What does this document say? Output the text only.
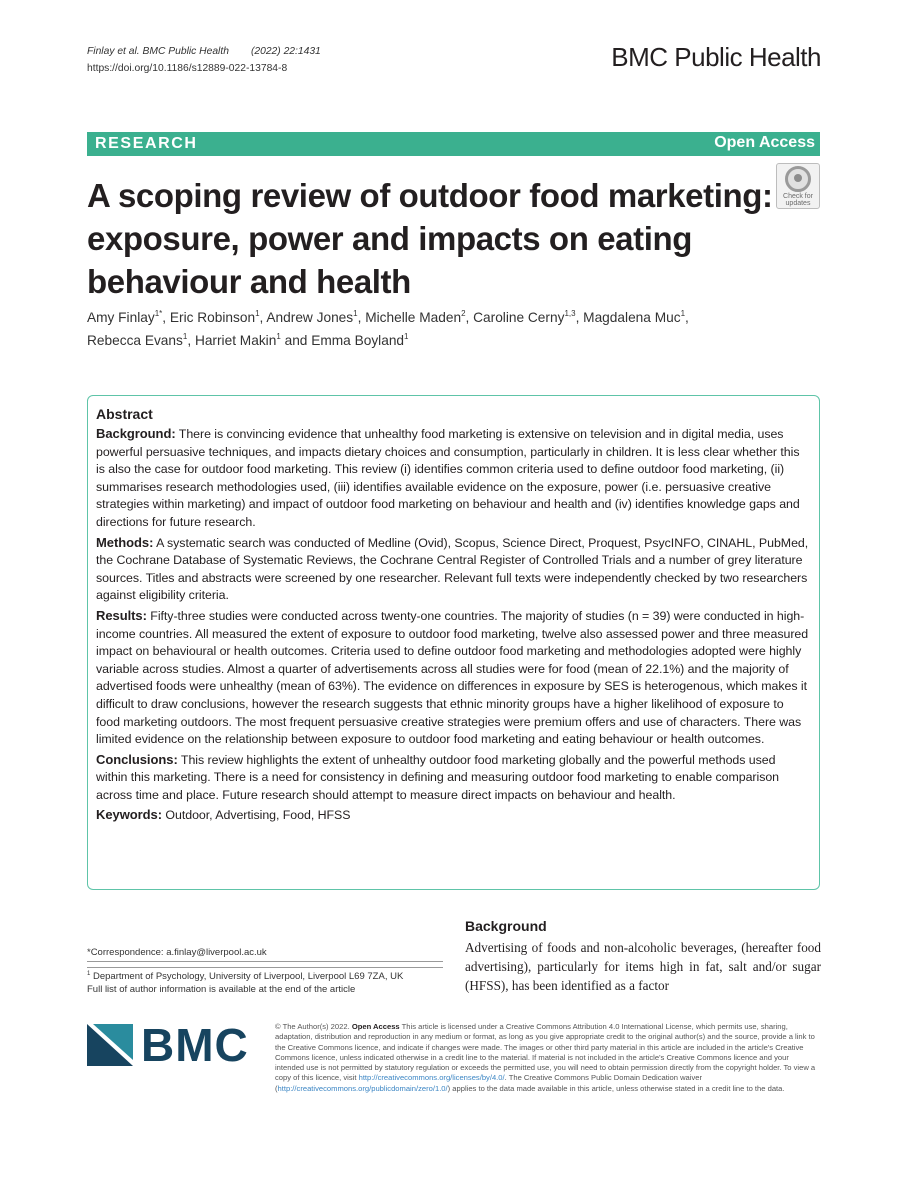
Finlay et al. BMC Public Health (2022) 22:1431
https://doi.org/10.1186/s12889-022-13784-8	BMC Public Health
RESEARCH	Open Access
A scoping review of outdoor food marketing: exposure, power and impacts on eating behaviour and health
Check for
updates
Amy Finlay$^{1*}$, Eric Robinson$^1$, Andrew Jones$^1$, Michelle Maden$^2$, Caroline Cerny$^{1,3}$, Magdalena Muc$^1$,
Rebecca Evans$^1$, Harriet Makin$^1$ and Emma Boyland$^1$
Abstract

Background: There is convincing evidence that unhealthy food marketing is extensive on television and in digital media, uses powerful persuasive techniques, and impacts dietary choices and consumption, particularly in children. It is less clear whether this is also the case for outdoor food marketing. This review (i) identifies common criteria used to define outdoor food marketing, (ii) summarises research methodologies used, (iii) identifies available evidence on the exposure, power (i.e. persuasive creative strategies within marketing) and impact of outdoor food marketing on behaviour and health and (iv) identifies knowledge gaps and directions for future research.

Methods: A systematic search was conducted of Medline (Ovid), Scopus, Science Direct, Proquest, PsycINFO, CINAHL, PubMed, the Cochrane Database of Systematic Reviews, the Cochrane Central Register of Controlled Trials and a number of grey literature sources. Titles and abstracts were screened by one researcher. Relevant full texts were independently checked by two researchers against eligibility criteria.

Results: Fifty-three studies were conducted across twenty-one countries. The majority of studies (n = 39) were conducted in high-income countries. All measured the extent of exposure to outdoor food marketing, twelve also assessed power and three measured impact on behavioural or health outcomes. Criteria used to define outdoor food marketing and methodologies adopted were highly variable across studies. Almost a quarter of advertisements across all studies were for food (mean of 22.1%) and the majority of advertised foods were unhealthy (mean of 63%). The evidence on differences in exposure by SES is heterogenous, which makes it difficult to draw conclusions, however the research suggests that ethnic minority groups have a higher likelihood of exposure to food marketing outdoors. The most frequent persuasive creative strategies were premium offers and use of characters. There was limited evidence on the relationship between exposure to outdoor food marketing and eating behaviour or health outcomes.

Conclusions: This review highlights the extent of unhealthy outdoor food marketing globally and the powerful methods used within this marketing. There is a need for consistency in defining and measuring outdoor food marketing to enable comparison across time and place. Future research should attempt to measure direct impacts on behaviour and health.

Keywords: Outdoor, Advertising, Food, HFSS

*Correspondence: a.finlay@liverpool.ac.uk
$^1$ Department of Psychology, University of Liverpool, Liverpool L69 7ZA, UK
Full list of author information is available at the end of the article
Background
Advertising of foods and non-alcoholic beverages, (hereafter food advertising), particularly for items high in fat, salt and/or sugar (HFSS), has been identified as a factor
BMC	© The Author(s) 2022. Open Access This article is licensed under a Creative Commons Attribution 4.0 International License, which permits use, sharing, adaptation, distribution and reproduction in any medium or format, as long as you give appropriate credit to the original author(s) and the source, provide a link to the Creative Commons licence, and indicate if changes were made. The images or other third party material in this article are included in the article's Creative Commons licence, unless indicated otherwise in a credit line to the material. If material is not included in the article's Creative Commons licence and your intended use is not permitted by statutory regulation or exceeds the permitted use, you will need to obtain permission directly from the copyright holder. To view a copy of this licence, visit http://creativecommons.org/licenses/by/4.0/. The Creative Commons Public Domain Dedication waiver (http://creativecommons.org/publicdomain/zero/1.0/) applies to the data made available in this article, unless otherwise stated in a credit line to the data.
